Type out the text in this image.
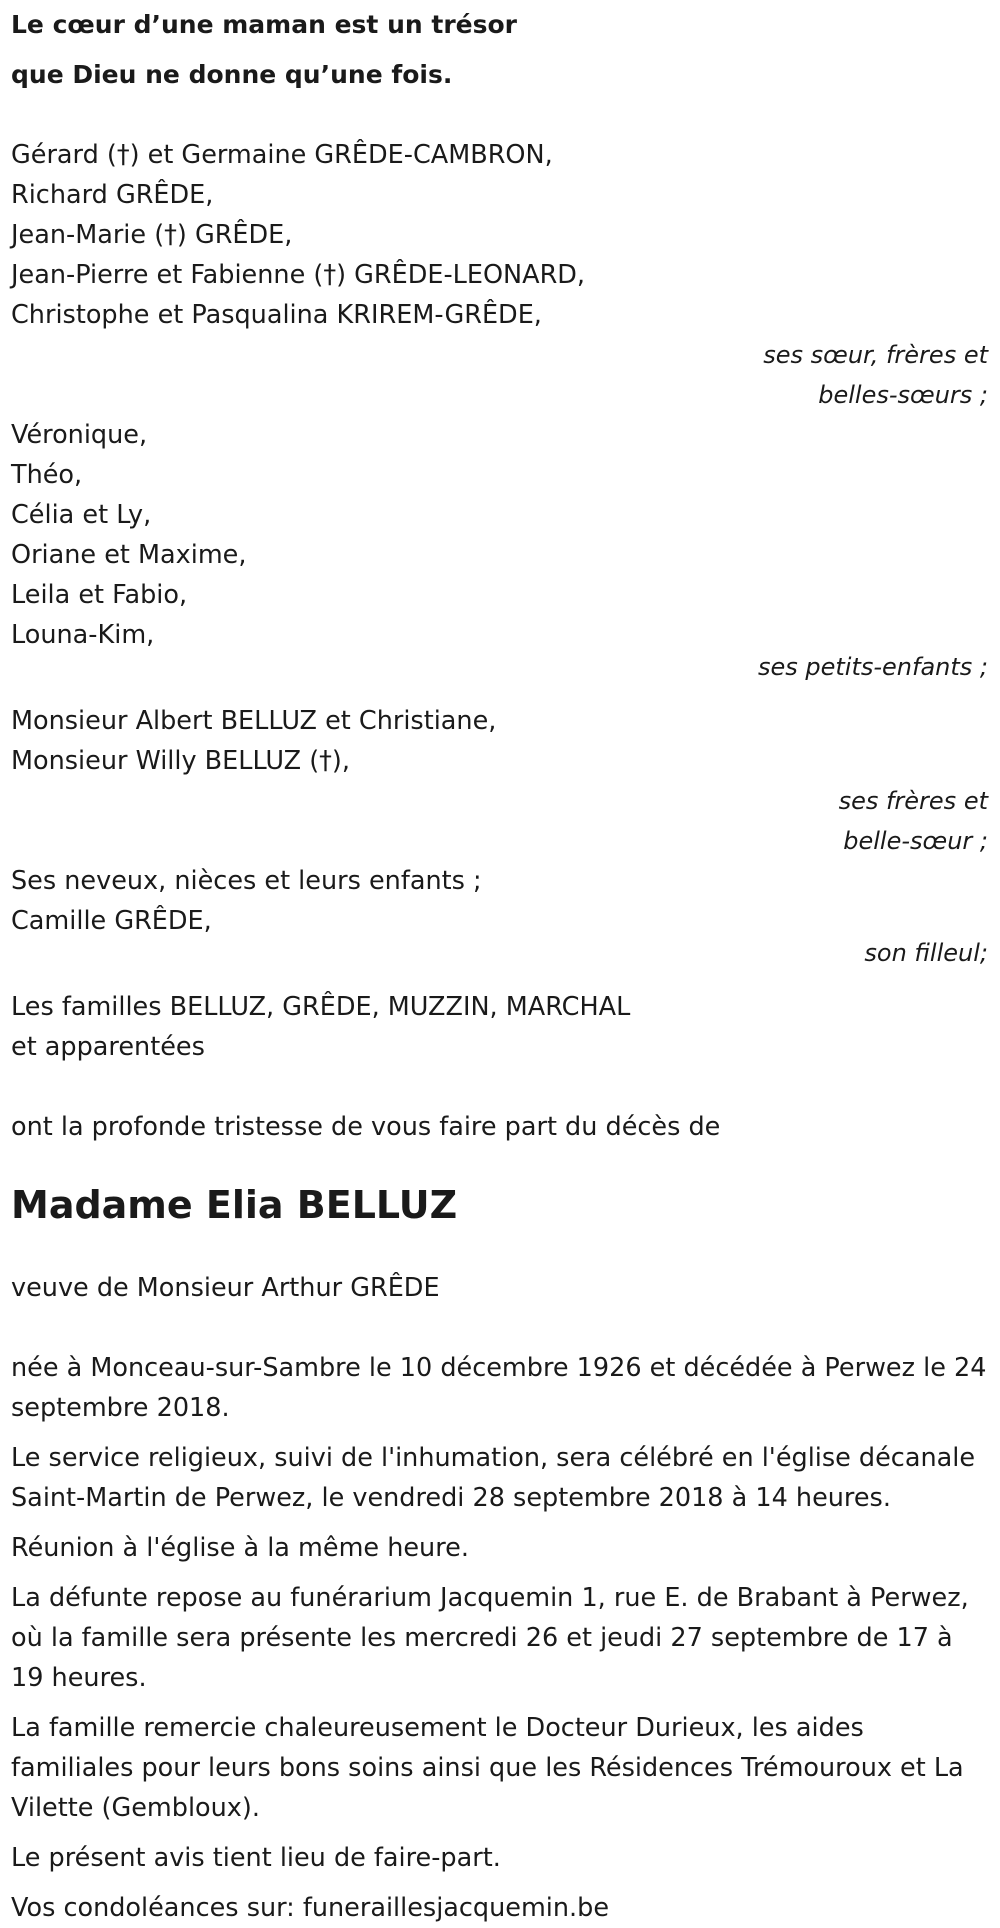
Le cœur d’une maman est un trésor
que Dieu ne donne qu’une fois.
Gérard (†) et Germaine GRÊDE-CAMBRON,
Richard GRÊDE,
Jean-Marie (†) GRÊDE,
Jean-Pierre et Fabienne (†) GRÊDE-LEONARD,
Christophe et Pasqualina KRIREM-GRÊDE,
ses sœur, frères et
belles-sœurs ;
Véronique,
Théo,
Célia et Ly,
Oriane et Maxime,
Leila et Fabio,
Louna-Kim,
ses petits-enfants ;
Monsieur Albert BELLUZ et Christiane,
Monsieur Willy BELLUZ (†),
ses frères et
belle-sœur ;
Ses neveux, nièces et leurs enfants ;
Camille GRÊDE,
son filleul;
Les familles BELLUZ, GRÊDE, MUZZIN, MARCHAL
et apparentées
ont la profonde tristesse de vous faire part du décès de
Madame Elia BELLUZ
veuve de Monsieur Arthur GRÊDE
née à Monceau-sur-Sambre le 10 décembre 1926 et décédée à Perwez le 24 septembre 2018.
Le service religieux, suivi de l'inhumation, sera célébré en l'église décanale Saint-Martin de Perwez, le vendredi 28 septembre 2018 à 14 heures.
Réunion à l'église à la même heure.
La défunte repose au funérarium Jacquemin 1, rue E. de Brabant à Perwez, où la famille sera présente les mercredi 26 et jeudi 27 septembre de 17 à 19 heures.
La famille remercie chaleureusement le Docteur Durieux, les aides familiales pour leurs bons soins ainsi que les Résidences Trémouroux et La Vilette (Gembloux).
Le présent avis tient lieu de faire-part.
Vos condoléances sur: funeraillesjacquemin.be
